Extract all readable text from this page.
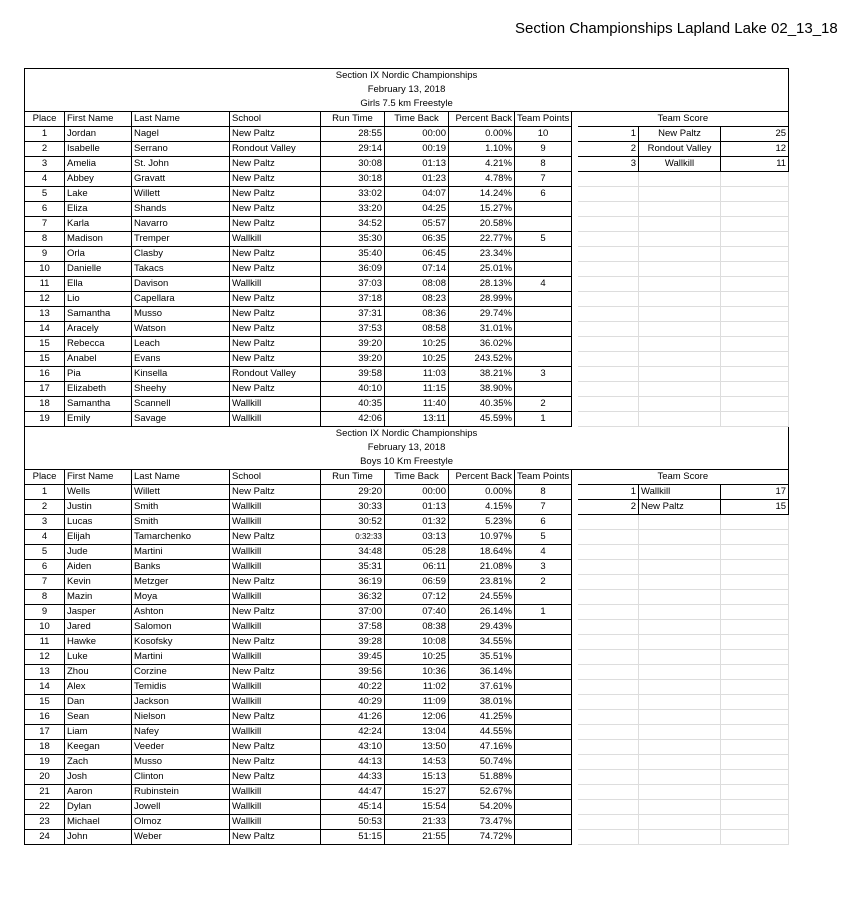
Section Championships Lapland Lake 02_13_18
Section IX Nordic Championships											
February 13, 2018											
Girls 7.5 km Freestyle											
Place	First Name	Last Name	School	Run Time	Time Back	Percent Back	Team Points		Team Score		
1	Jordan	Nagel	New Paltz	28:55	00:00	0.00%	10		1	New Paltz	25
2	Isabelle	Serrano	Rondout Valley	29:14	00:19	1.10%	9		2	Rondout Valley	12
3	Amelia	St. John	New Paltz	30:08	01:13	4.21%	8		3	Wallkill	11
4	Abbey	Gravatt	New Paltz	30:18	01:23	4.78%	7				
5	Lake	Willett	New Paltz	33:02	04:07	14.24%	6				
6	Eliza	Shands	New Paltz	33:20	04:25	15.27%					
7	Karla	Navarro	New Paltz	34:52	05:57	20.58%					
8	Madison	Tremper	Wallkill	35:30	06:35	22.77%	5				
9	Orla	Clasby	New Paltz	35:40	06:45	23.34%					
10	Danielle	Takacs	New Paltz	36:09	07:14	25.01%					
11	Ella	Davison	Wallkill	37:03	08:08	28.13%	4				
12	Lio	Capellara	New Paltz	37:18	08:23	28.99%					
13	Samantha	Musso	New Paltz	37:31	08:36	29.74%					
14	Aracely	Watson	New Paltz	37:53	08:58	31.01%					
15	Rebecca	Leach	New Paltz	39:20	10:25	36.02%					
15	Anabel	Evans	New Paltz	39:20	10:25	243.52%					
16	Pia	Kinsella	Rondout Valley	39:58	11:03	38.21%	3				
17	Elizabeth	Sheehy	New Paltz	40:10	11:15	38.90%					
18	Samantha	Scannell	Wallkill	40:35	11:40	40.35%	2				
19	Emily	Savage	Wallkill	42:06	13:11	45.59%	1				
Section IX Nordic Championships											
February 13, 2018											
Boys 10 Km Freestyle											
Place	First Name	Last Name	School	Run Time	Time Back	Percent Back	Team Points		Team Score		
1	Wells	Willett	New Paltz	29:20	00:00	0.00%	8		1	Wallkill	17
2	Justin	Smith	Wallkill	30:33	01:13	4.15%	7		2	New Paltz	15
3	Lucas	Smith	Wallkill	30:52	01:32	5.23%	6				
4	Elijah	Tamarchenko	New Paltz	0:32:33	03:13	10.97%	5				
5	Jude	Martini	Wallkill	34:48	05:28	18.64%	4				
6	Aiden	Banks	Wallkill	35:31	06:11	21.08%	3				
7	Kevin	Metzger	New Paltz	36:19	06:59	23.81%	2				
8	Mazin	Moya	Wallkill	36:32	07:12	24.55%					
9	Jasper	Ashton	New Paltz	37:00	07:40	26.14%	1				
10	Jared	Salomon	Wallkill	37:58	08:38	29.43%					
11	Hawke	Kosofsky	New Paltz	39:28	10:08	34.55%					
12	Luke	Martini	Wallkill	39:45	10:25	35.51%					
13	Zhou	Corzine	New Paltz	39:56	10:36	36.14%					
14	Alex	Temidis	Wallkill	40:22	11:02	37.61%					
15	Dan	Jackson	Wallkill	40:29	11:09	38.01%					
16	Sean	Nielson	New Paltz	41:26	12:06	41.25%					
17	Liam	Nafey	Wallkill	42:24	13:04	44.55%					
18	Keegan	Veeder	New Paltz	43:10	13:50	47.16%					
19	Zach	Musso	New Paltz	44:13	14:53	50.74%					
20	Josh	Clinton	New Paltz	44:33	15:13	51.88%					
21	Aaron	Rubinstein	Wallkill	44:47	15:27	52.67%					
22	Dylan	Jowell	Wallkill	45:14	15:54	54.20%					
23	Michael	Olmoz	Wallkill	50:53	21:33	73.47%					
24	John	Weber	New Paltz	51:15	21:55	74.72%					
